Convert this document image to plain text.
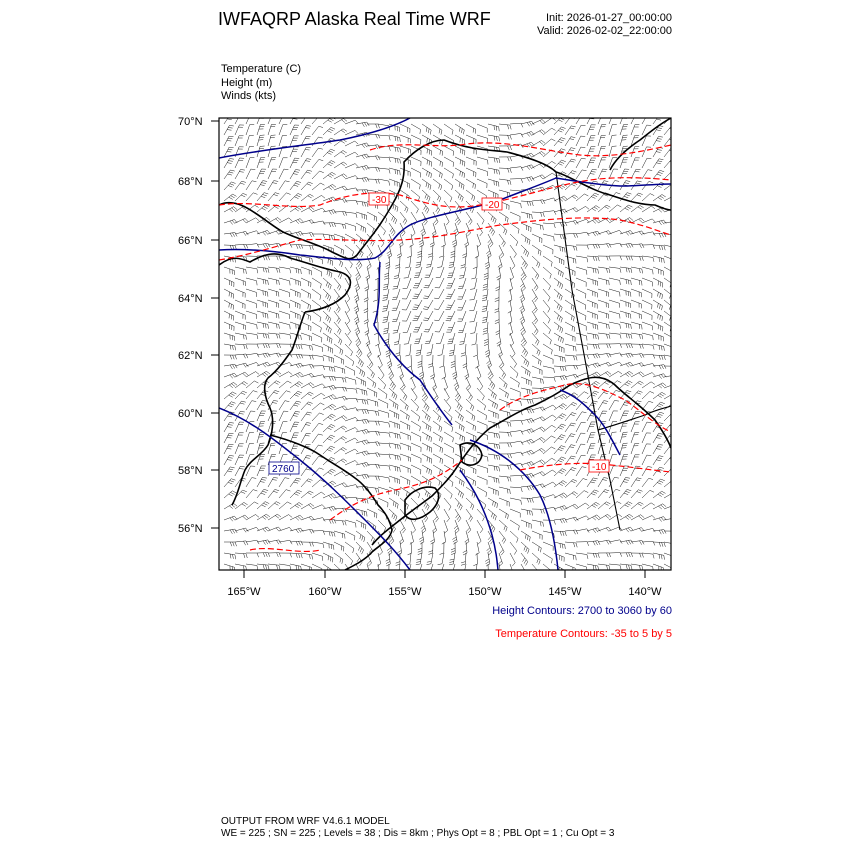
IWFAQRP Alaska Real Time WRF	Init: 2026-01-27_00:00:00
Valid: 2026-02-02_22:00:00
Temperature (C)
Height (m)
Winds (kts)
2760
-30	-20
-10
70°N
68°N
66°N
64°N
62°N
60°N
58°N
56°N
165°W	160°W	155°W	150°W	145°W	140°W
Height Contours: 2700 to 3060 by 60
Temperature Contours: -35 to 5 by 5
OUTPUT FROM WRF V4.6.1 MODEL
WE = 225 ; SN = 225 ; Levels = 38 ; Dis = 8km ; Phys Opt = 8 ; PBL Opt = 1 ; Cu Opt = 3
